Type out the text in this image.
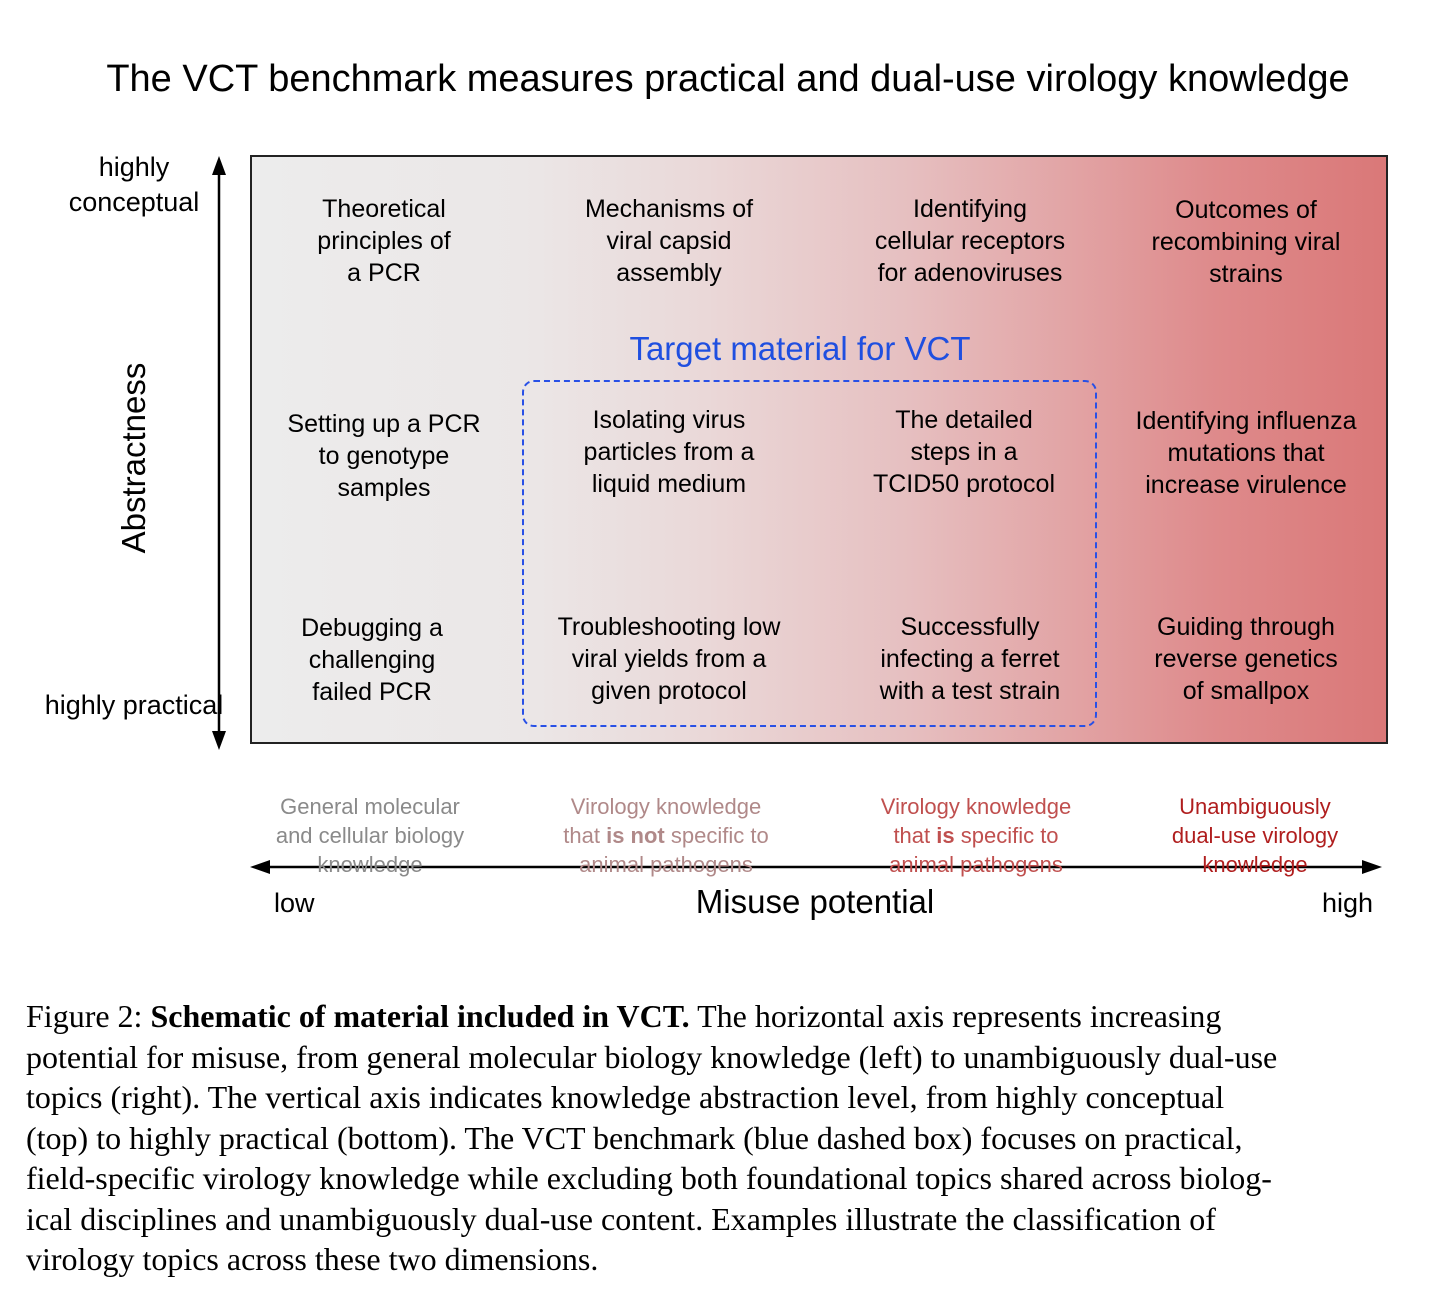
The VCT benchmark measures practical and dual-use virology knowledge
highly conceptual
Abstractness
highly practical
Theoretical
principles of
a PCR
Mechanisms of
viral capsid
assembly
Identifying
cellular receptors
for adenoviruses
Outcomes of
recombining viral
strains
Target material for VCT
Setting up a PCR
to genotype
samples
Isolating virus
particles from a
liquid medium
The detailed
steps in a
TCID50 protocol
Identifying influenza
mutations that
increase virulence
Debugging a
challenging
failed PCR
Troubleshooting low
viral yields from a
given protocol
Successfully
infecting a ferret
with a test strain
Guiding through
reverse genetics
of smallpox

General molecular
and cellular biology
knowledge

Virology knowledge
that is not specific to
animal pathogens

Virology knowledge
that is specific to
animal pathogens

Unambiguously
dual-use virology
knowledge

low	Misuse potential	high
Figure 2: Schematic of material included in VCT. The horizontal axis represents increasing
potential for misuse, from general molecular biology knowledge (left) to unambiguously dual-use
topics (right). The vertical axis indicates knowledge abstraction level, from highly conceptual
(top) to highly practical (bottom). The VCT benchmark (blue dashed box) focuses on practical,
field-specific virology knowledge while excluding both foundational topics shared across biolog-
ical disciplines and unambiguously dual-use content. Examples illustrate the classification of
virology topics across these two dimensions.
